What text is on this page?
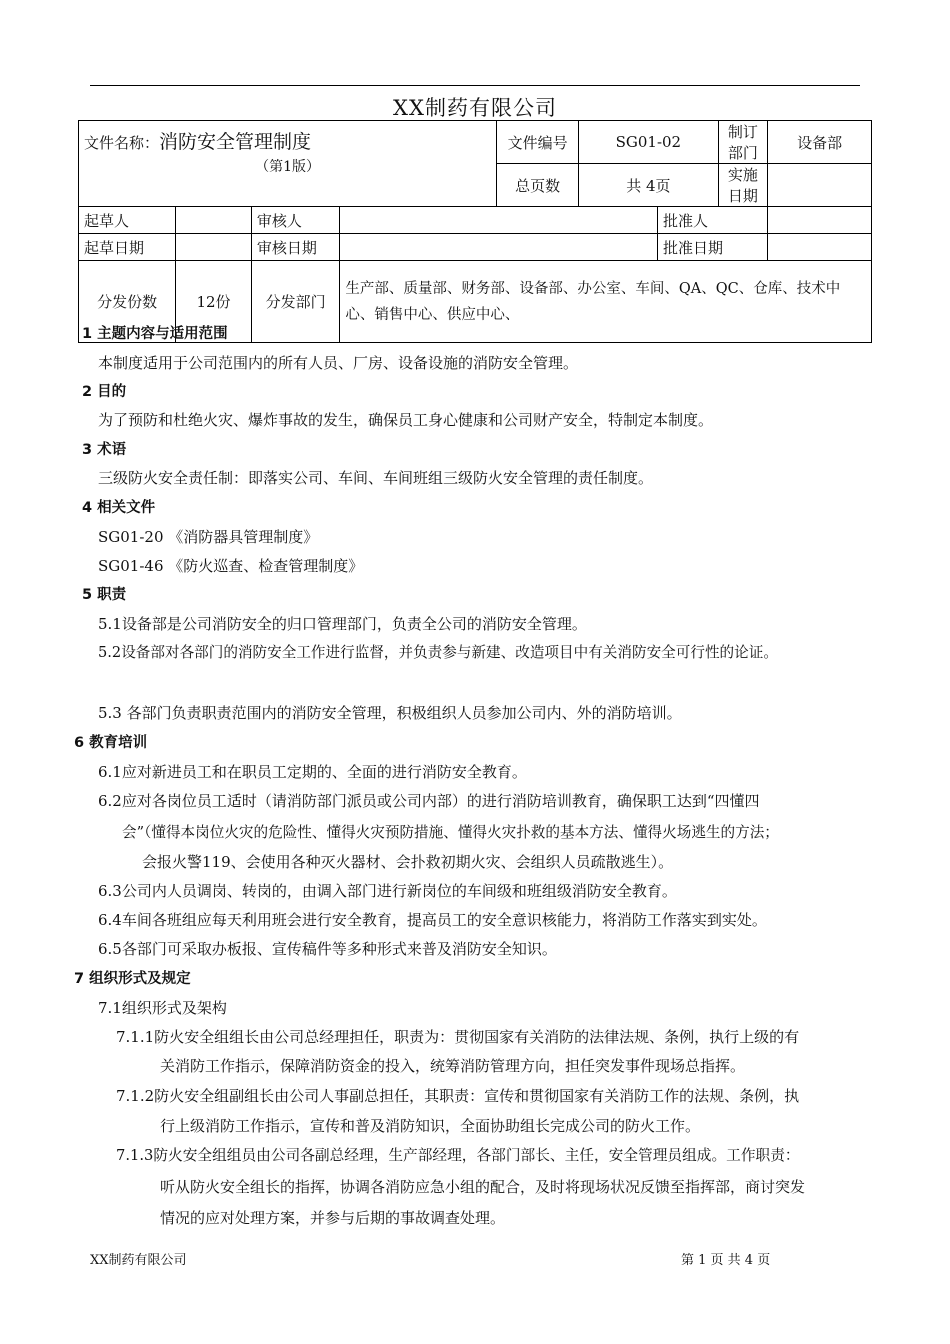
XX制药有限公司
文件名称：消防安全管理制度
（第1版）				文件编号	SG01-02		制订部门	设备部
				总页数	共 4页		实施日期	
起草人		审核人				批准人		
起草日期		审核日期				批准日期		
分发份数	12份	分发部门	生产部、质量部、财务部、设备部、办公室、车间、QA、QC、仓库、技术中心、销售中心、供应中心、					
1 主题内容与适用范围
本制度适用于公司范围内的所有人员、厂房、设备设施的消防安全管理。
2 目的
为了预防和杜绝火灾、爆炸事故的发生，确保员工身心健康和公司财产安全，特制定本制度。
3 术语
三级防火安全责任制：即落实公司、车间、车间班组三级防火安全管理的责任制度。
4 相关文件
SG01-20 《消防器具管理制度》
SG01-46 《防火巡查、检查管理制度》
5 职责
5.1设备部是公司消防安全的归口管理部门，负责全公司的消防安全管理。
5.2设备部对各部门的消防安全工作进行监督，并负责参与新建、改造项目中有关消防安全可行性的论证。
5.3 各部门负责职责范围内的消防安全管理，积极组织人员参加公司内、外的消防培训。
6 教育培训
6.1应对新进员工和在职员工定期的、全面的进行消防安全教育。
6.2应对各岗位员工适时（请消防部门派员或公司内部）的进行消防培训教育，确保职工达到“四懂四
会”（懂得本岗位火灾的危险性、懂得火灾预防措施、懂得火灾扑救的基本方法、懂得火场逃生的方法；
会报火警119、会使用各种灭火器材、会扑救初期火灾、会组织人员疏散逃生）。
6.3公司内人员调岗、转岗的，由调入部门进行新岗位的车间级和班组级消防安全教育。
6.4车间各班组应每天利用班会进行安全教育，提高员工的安全意识核能力，将消防工作落实到实处。
6.5各部门可采取办板报、宣传稿件等多种形式来普及消防安全知识。
7 组织形式及规定
7.1组织形式及架构
7.1.1防火安全组组长由公司总经理担任，职责为：贯彻国家有关消防的法律法规、条例，执行上级的有
关消防工作指示，保障消防资金的投入，统筹消防管理方向，担任突发事件现场总指挥。
7.1.2防火安全组副组长由公司人事副总担任，其职责：宣传和贯彻国家有关消防工作的法规、条例，执
行上级消防工作指示，宣传和普及消防知识，全面协助组长完成公司的防火工作。
7.1.3防火安全组组员由公司各副总经理，生产部经理，各部门部长、主任，安全管理员组成。工作职责：
听从防火安全组长的指挥，协调各消防应急小组的配合，及时将现场状况反馈至指挥部，商讨突发
情况的应对处理方案，并参与后期的事故调查处理。
XX制药有限公司	第 1 页 共 4 页
